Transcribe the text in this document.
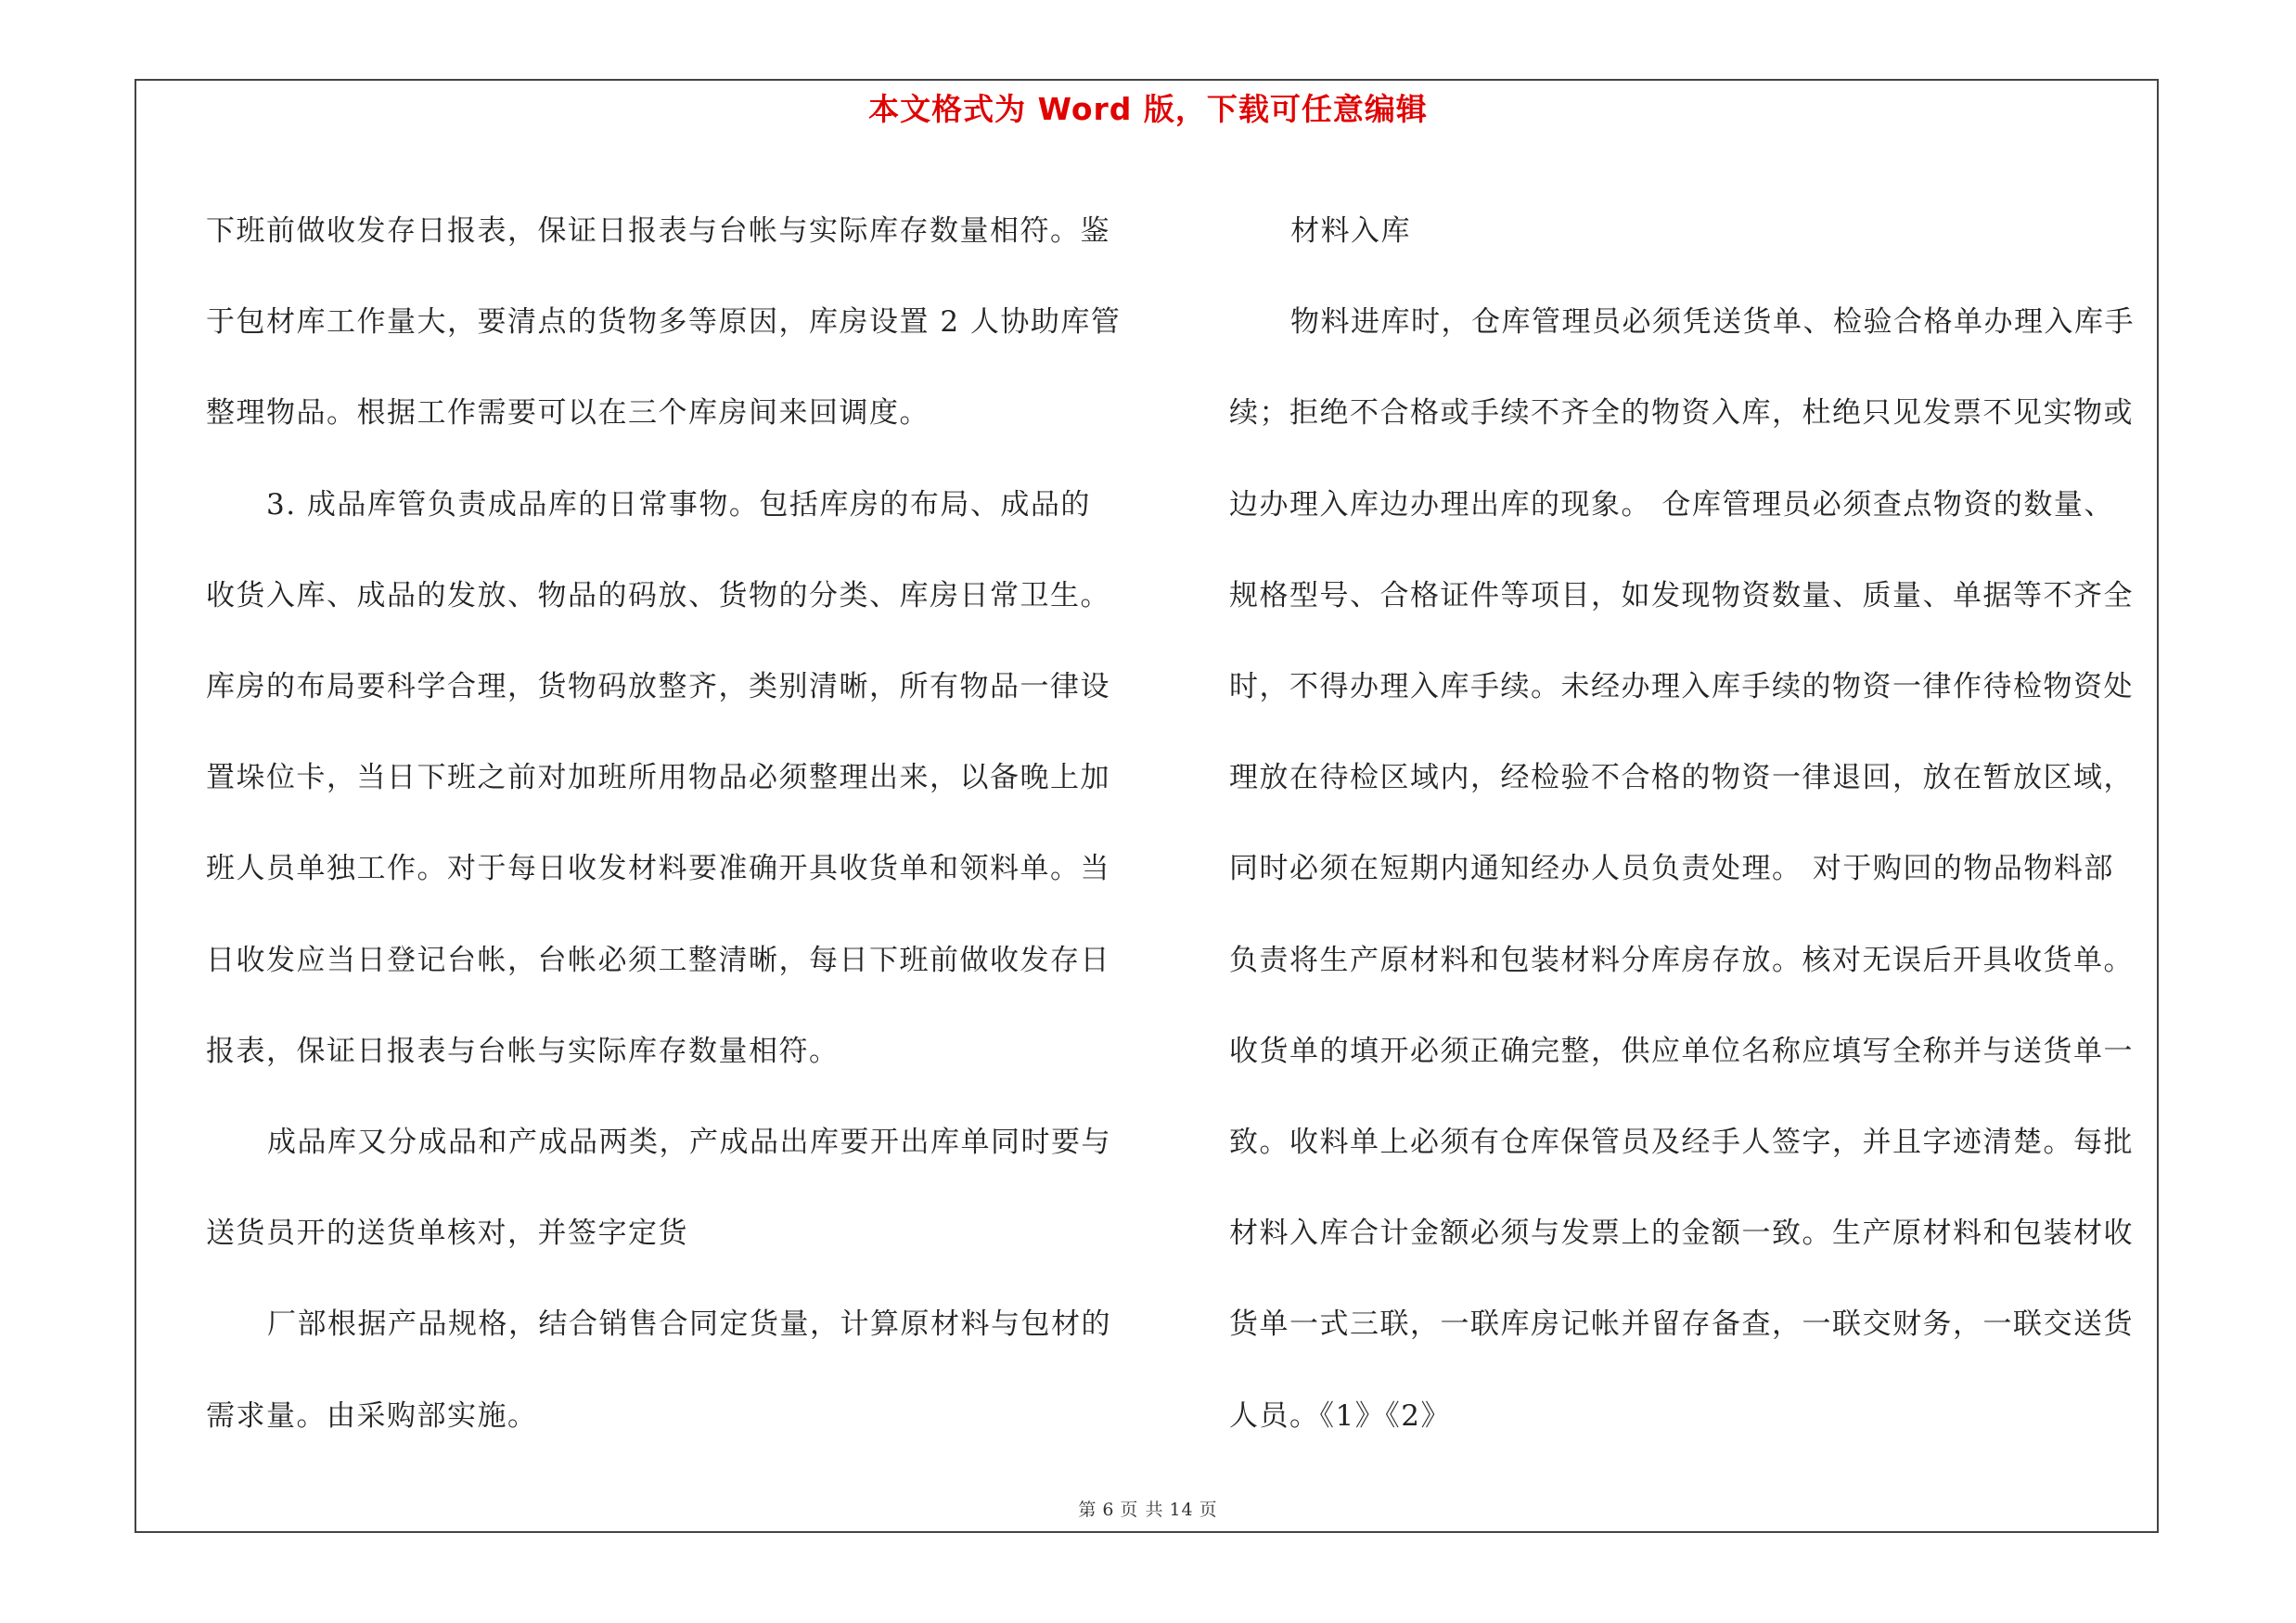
本文格式为 Word 版，下载可任意编辑

下班前做收发存日报表，保证日报表与台帐与实际库存数量相符。鉴

于包材库工作量大，要清点的货物多等原因，库房设置 2 人协助库管

整理物品。根据工作需要可以在三个库房间来回调度。

3. 成品库管负责成品库的日常事物。包括库房的布局、成品的

收货入库、成品的发放、物品的码放、货物的分类、库房日常卫生。

库房的布局要科学合理，货物码放整齐，类别清晰，所有物品一律设

置垛位卡，当日下班之前对加班所用物品必须整理出来，以备晚上加

班人员单独工作。对于每日收发材料要准确开具收货单和领料单。当

日收发应当日登记台帐，台帐必须工整清晰，每日下班前做收发存日

报表，保证日报表与台帐与实际库存数量相符。

成品库又分成品和产成品两类，产成品出库要开出库单同时要与

送货员开的送货单核对，并签字定货

厂部根据产品规格，结合销售合同定货量，计算原材料与包材的

需求量。由采购部实施。

材料入库

物料进库时，仓库管理员必须凭送货单、检验合格单办理入库手

续；拒绝不合格或手续不齐全的物资入库，杜绝只见发票不见实物或

边办理入库边办理出库的现象。 仓库管理员必须查点物资的数量、

规格型号、合格证件等项目，如发现物资数量、质量、单据等不齐全

时，不得办理入库手续。未经办理入库手续的物资一律作待检物资处

理放在待检区域内，经检验不合格的物资一律退回，放在暂放区域，

同时必须在短期内通知经办人员负责处理。 对于购回的物品物料部

负责将生产原材料和包装材料分库房存放。核对无误后开具收货单。

收货单的填开必须正确完整，供应单位名称应填写全称并与送货单一

致。收料单上必须有仓库保管员及经手人签字，并且字迹清楚。每批

材料入库合计金额必须与发票上的金额一致。生产原材料和包装材收

货单一式三联，一联库房记帐并留存备查，一联交财务，一联交送货

人员。《1》《2》

第 6 页 共 14 页
